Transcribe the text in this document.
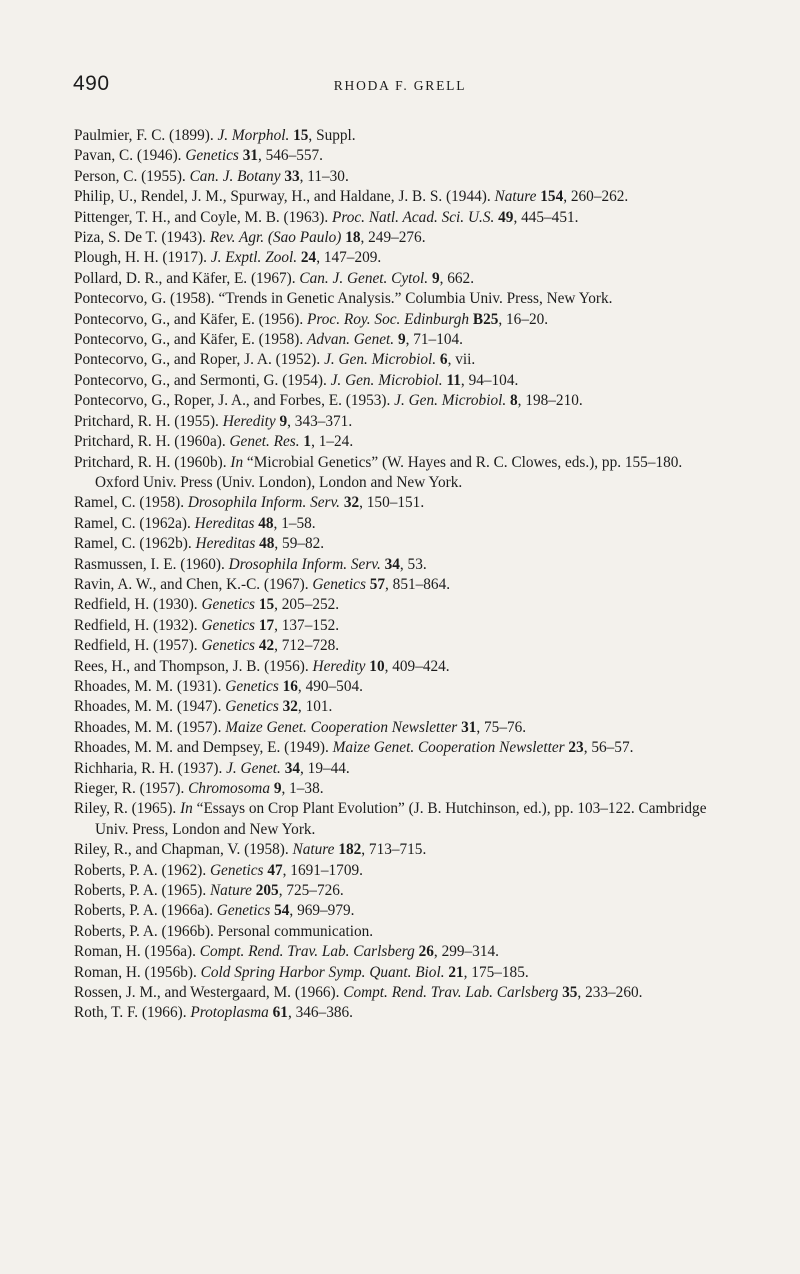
490	RHODA F. GRELL

Paulmier, F. C. (1899). J. Morphol. 15, Suppl.

Pavan, C. (1946). Genetics 31, 546–557.

Person, C. (1955). Can. J. Botany 33, 11–30.

Philip, U., Rendel, J. M., Spurway, H., and Haldane, J. B. S. (1944). Nature 154, 260–262.

Pittenger, T. H., and Coyle, M. B. (1963). Proc. Natl. Acad. Sci. U.S. 49, 445–451.

Piza, S. De T. (1943). Rev. Agr. (Sao Paulo) 18, 249–276.

Plough, H. H. (1917). J. Exptl. Zool. 24, 147–209.

Pollard, D. R., and Käfer, E. (1967). Can. J. Genet. Cytol. 9, 662.

Pontecorvo, G. (1958). “Trends in Genetic Analysis.” Columbia Univ. Press, New York.

Pontecorvo, G., and Käfer, E. (1956). Proc. Roy. Soc. Edinburgh B25, 16–20.

Pontecorvo, G., and Käfer, E. (1958). Advan. Genet. 9, 71–104.

Pontecorvo, G., and Roper, J. A. (1952). J. Gen. Microbiol. 6, vii.

Pontecorvo, G., and Sermonti, G. (1954). J. Gen. Microbiol. 11, 94–104.

Pontecorvo, G., Roper, J. A., and Forbes, E. (1953). J. Gen. Microbiol. 8, 198–210.

Pritchard, R. H. (1955). Heredity 9, 343–371.

Pritchard, R. H. (1960a). Genet. Res. 1, 1–24.

Pritchard, R. H. (1960b). In “Microbial Genetics” (W. Hayes and R. C. Clowes, eds.), pp. 155–180. Oxford Univ. Press (Univ. London), London and New York.

Ramel, C. (1958). Drosophila Inform. Serv. 32, 150–151.

Ramel, C. (1962a). Hereditas 48, 1–58.

Ramel, C. (1962b). Hereditas 48, 59–82.

Rasmussen, I. E. (1960). Drosophila Inform. Serv. 34, 53.

Ravin, A. W., and Chen, K.-C. (1967). Genetics 57, 851–864.

Redfield, H. (1930). Genetics 15, 205–252.

Redfield, H. (1932). Genetics 17, 137–152.

Redfield, H. (1957). Genetics 42, 712–728.

Rees, H., and Thompson, J. B. (1956). Heredity 10, 409–424.

Rhoades, M. M. (1931). Genetics 16, 490–504.

Rhoades, M. M. (1947). Genetics 32, 101.

Rhoades, M. M. (1957). Maize Genet. Cooperation Newsletter 31, 75–76.

Rhoades, M. M. and Dempsey, E. (1949). Maize Genet. Cooperation Newsletter 23, 56–57.

Richharia, R. H. (1937). J. Genet. 34, 19–44.

Rieger, R. (1957). Chromosoma 9, 1–38.

Riley, R. (1965). In “Essays on Crop Plant Evolution” (J. B. Hutchinson, ed.), pp. 103–122. Cambridge Univ. Press, London and New York.

Riley, R., and Chapman, V. (1958). Nature 182, 713–715.

Roberts, P. A. (1962). Genetics 47, 1691–1709.

Roberts, P. A. (1965). Nature 205, 725–726.

Roberts, P. A. (1966a). Genetics 54, 969–979.

Roberts, P. A. (1966b). Personal communication.

Roman, H. (1956a). Compt. Rend. Trav. Lab. Carlsberg 26, 299–314.

Roman, H. (1956b). Cold Spring Harbor Symp. Quant. Biol. 21, 175–185.

Rossen, J. M., and Westergaard, M. (1966). Compt. Rend. Trav. Lab. Carlsberg 35, 233–260.

Roth, T. F. (1966). Protoplasma 61, 346–386.
